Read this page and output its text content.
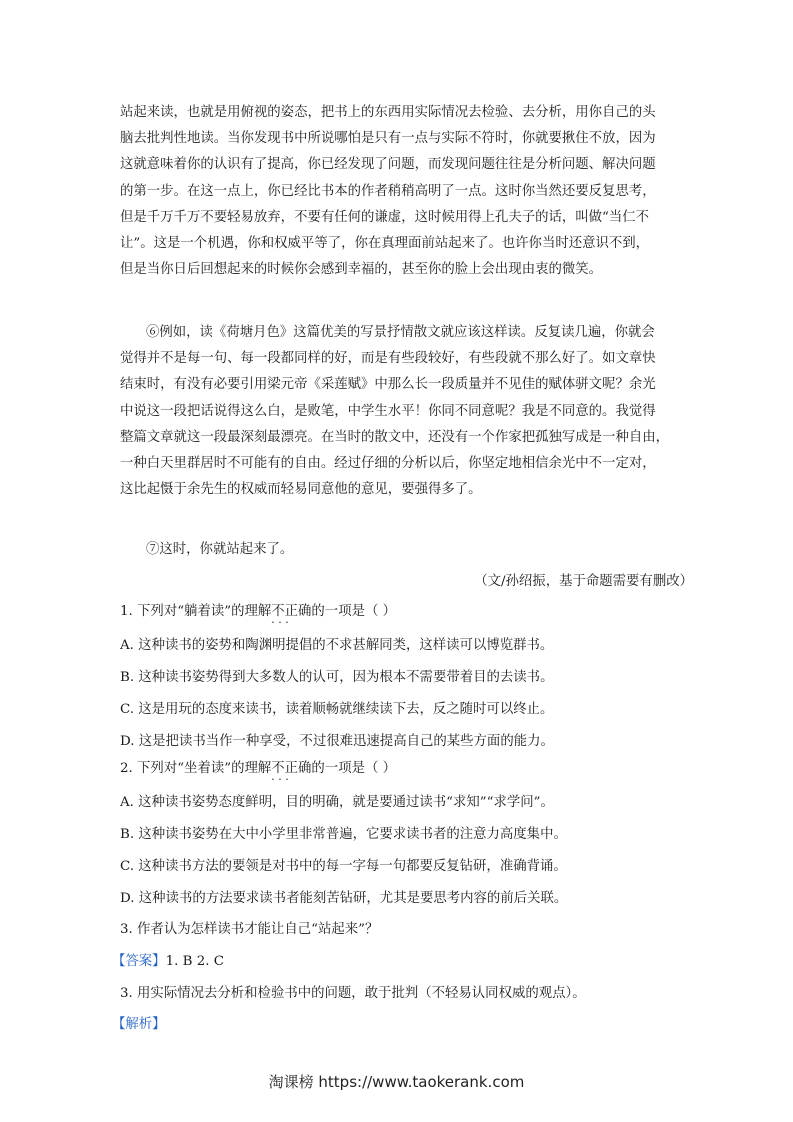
站起来读，也就是用俯视的姿态，把书上的东西用实际情况去检验、去分析，用你自己的头
脑去批判性地读。当你发现书中所说哪怕是只有一点与实际不符时，你就要揪住不放，因为
这就意味着你的认识有了提高，你已经发现了问题，而发现问题往往是分析问题、解决问题
的第一步。在这一点上，你已经比书本的作者稍稍高明了一点。这时你当然还要反复思考，
但是千万千万不要轻易放弃，不要有任何的谦虚，这时候用得上孔夫子的话，叫做“当仁不
让”。这是一个机遇，你和权威平等了，你在真理面前站起来了。也许你当时还意识不到，
但是当你日后回想起来的时候你会感到幸福的，甚至你的脸上会出现由衷的微笑。
⑥例如，读《荷塘月色》这篇优美的写景抒情散文就应该这样读。反复读几遍，你就会
觉得并不是每一句、每一段都同样的好，而是有些段较好，有些段就不那么好了。如文章快
结束时，有没有必要引用梁元帝《采莲赋》中那么长一段质量并不见佳的赋体骈文呢？余光
中说这一段把话说得这么白，是败笔，中学生水平！你同不同意呢？我是不同意的。我觉得
整篇文章就这一段最深刻最漂亮。在当时的散文中，还没有一个作家把孤独写成是一种自由，
一种白天里群居时不可能有的自由。经过仔细的分析以后，你坚定地相信余光中不一定对，
这比起慑于余先生的权威而轻易同意他的意见，要强得多了。
⑦这时，你就站起来了。
（文/孙绍振，基于命题需要有删改）
1. 下列对“躺着读”的理解不正确 · · ·的一项是（ ）
A. 这种读书的姿势和陶渊明提倡的不求甚解同类，这样读可以博览群书。
B. 这种读书姿势得到大多数人的认可，因为根本不需要带着目的去读书。
C. 这是用玩的态度来读书，读着顺畅就继续读下去，反之随时可以终止。
D. 这是把读书当作一种享受，不过很难迅速提高自己的某些方面的能力。
2. 下列对“坐着读”的理解不正确 · · ·的一项是（ ）
A. 这种读书姿势态度鲜明，目的明确，就是要通过读书“求知”“求学问”。
B. 这种读书姿势在大中小学里非常普遍，它要求读书者的注意力高度集中。
C. 这种读书方法的要领是对书中的每一字每一句都要反复钻研，准确背诵。
D. 这种读书的方法要求读书者能刻苦钻研，尤其是要思考内容的前后关联。
3. 作者认为怎样读书才能让自己“站起来”？
【答案】1. B 2. C
3. 用实际情况去分析和检验书中的问题，敢于批判（不轻易认同权威的观点）。
【解析】
淘课榜 https://www.taokerank.com
